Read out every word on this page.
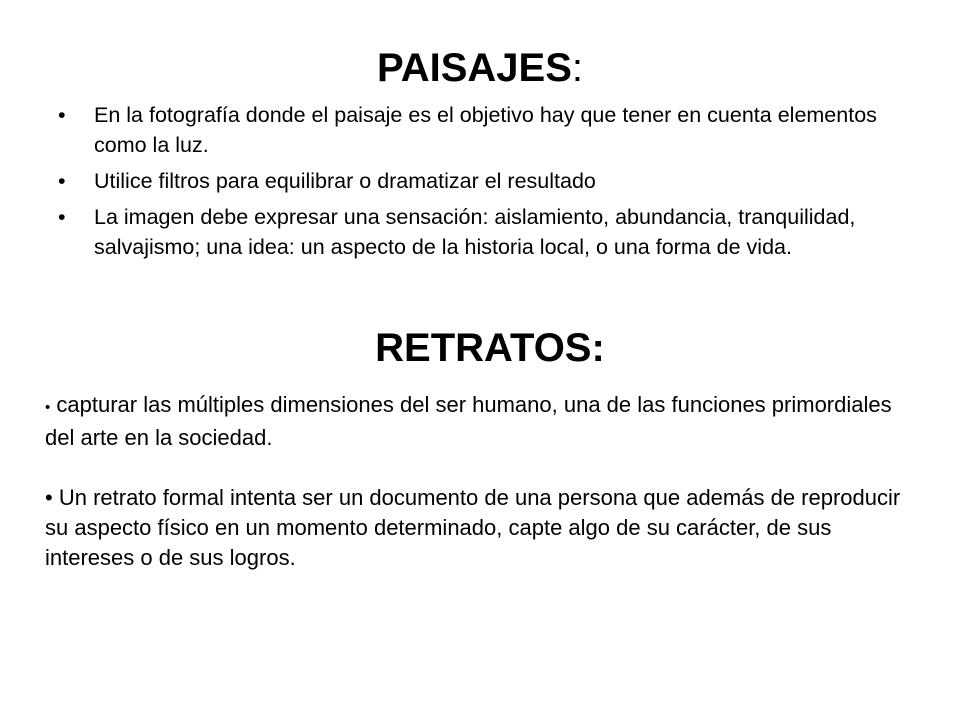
PAISAJES:
• En la fotografía donde el paisaje es el objetivo hay que tener en cuenta elementos como la luz.
• Utilice filtros para equilibrar o dramatizar el resultado
• La imagen debe expresar una sensación: aislamiento, abundancia, tranquilidad, salvajismo; una idea: un aspecto de la historia local, o una forma de vida.
RETRATOS:

• capturar las múltiples dimensiones del ser humano, una de las funciones primordiales del arte en la sociedad.

• Un retrato formal intenta ser un documento de una persona que además de reproducir su aspecto físico en un momento determinado, capte algo de su carácter, de sus intereses o de sus logros.
